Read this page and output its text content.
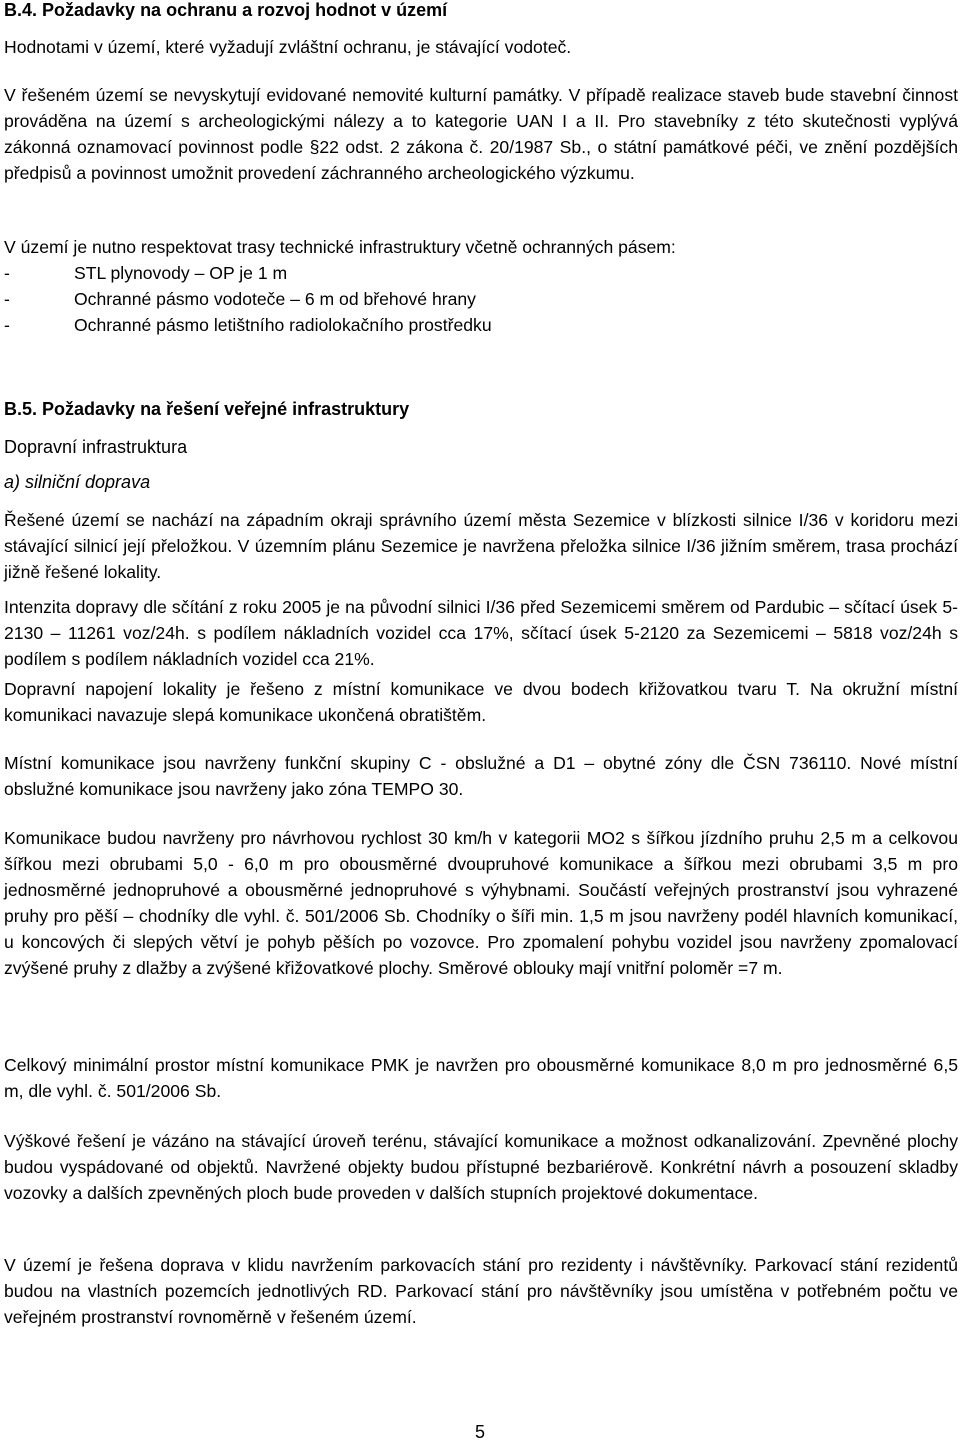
B.4. Požadavky na ochranu a rozvoj hodnot v území

Hodnotami v území, které vyžadují zvláštní ochranu, je stávající vodoteč.

V řešeném území se nevyskytují evidované nemovité kulturní památky. V případě realizace staveb bude stavební činnost prováděna na území s archeologickými nálezy a to kategorie UAN I a II. Pro stavebníky z této skutečnosti vyplývá zákonná oznamovací povinnost podle §22 odst. 2 zákona č. 20/1987 Sb., o státní památkové péči, ve znění pozdějších předpisů a povinnost umožnit provedení záchranného archeologického výzkumu.

V území je nutno respektovat trasy technické infrastruktury včetně ochranných pásem:

-	STL plynovody – OP je 1 m
-	Ochranné pásmo vodoteče – 6 m od břehové hrany
-	Ochranné pásmo letištního radiolokačního prostředku

B.5. Požadavky na řešení veřejné infrastruktury

Dopravní infrastruktura

a) silniční doprava

Řešené území se nachází na západním okraji správního území města Sezemice v blízkosti silnice I/36 v koridoru mezi stávající silnicí její přeložkou. V územním plánu Sezemice je navržena přeložka silnice I/36 jižním směrem, trasa prochází jižně řešené lokality.

Intenzita dopravy dle sčítání z roku 2005 je na původní silnici I/36 před Sezemicemi směrem od Pardubic – sčítací úsek 5-2130 – 11261 voz/24h. s podílem nákladních vozidel cca 17%, sčítací úsek 5-2120 za Sezemicemi – 5818 voz/24h s podílem s podílem nákladních vozidel cca 21%.

Dopravní napojení lokality je řešeno z místní komunikace ve dvou bodech křižovatkou tvaru T. Na okružní místní komunikaci navazuje slepá komunikace ukončená obratištěm.

Místní komunikace jsou navrženy funkční skupiny C - obslužné a D1 – obytné zóny dle ČSN 736110. Nové místní obslužné komunikace jsou navrženy jako zóna TEMPO 30.

Komunikace budou navrženy pro návrhovou rychlost 30 km/h v kategorii MO2 s šířkou jízdního pruhu 2,5 m a celkovou šířkou mezi obrubami 5,0 - 6,0 m pro obousměrné dvoupruhové komunikace a šířkou mezi obrubami 3,5 m pro jednosměrné jednopruhové a obousměrné jednopruhové s výhybnami. Součástí veřejných prostranství jsou vyhrazené pruhy pro pěší – chodníky dle vyhl. č. 501/2006 Sb. Chodníky o šíři min. 1,5 m jsou navrženy podél hlavních komunikací, u koncových či slepých větví je pohyb pěších po vozovce. Pro zpomalení pohybu vozidel jsou navrženy zpomalovací zvýšené pruhy z dlažby a zvýšené křižovatkové plochy. Směrové oblouky mají vnitřní poloměr =7 m.

Celkový minimální prostor místní komunikace PMK je navržen pro obousměrné komunikace 8,0 m pro jednosměrné 6,5 m, dle vyhl. č. 501/2006 Sb.

Výškové řešení je vázáno na stávající úroveň terénu, stávající komunikace a možnost odkanalizování. Zpevněné plochy budou vyspádované od objektů. Navržené objekty budou přístupné bezbariérově. Konkrétní návrh a posouzení skladby vozovky a dalších zpevněných ploch bude proveden v dalších stupních projektové dokumentace.

V území je řešena doprava v klidu navržením parkovacích stání pro rezidenty i návštěvníky. Parkovací stání rezidentů budou na vlastních pozemcích jednotlivých RD. Parkovací stání pro návštěvníky jsou umístěna v potřebném počtu ve veřejném prostranství rovnoměrně v řešeném území.

5
